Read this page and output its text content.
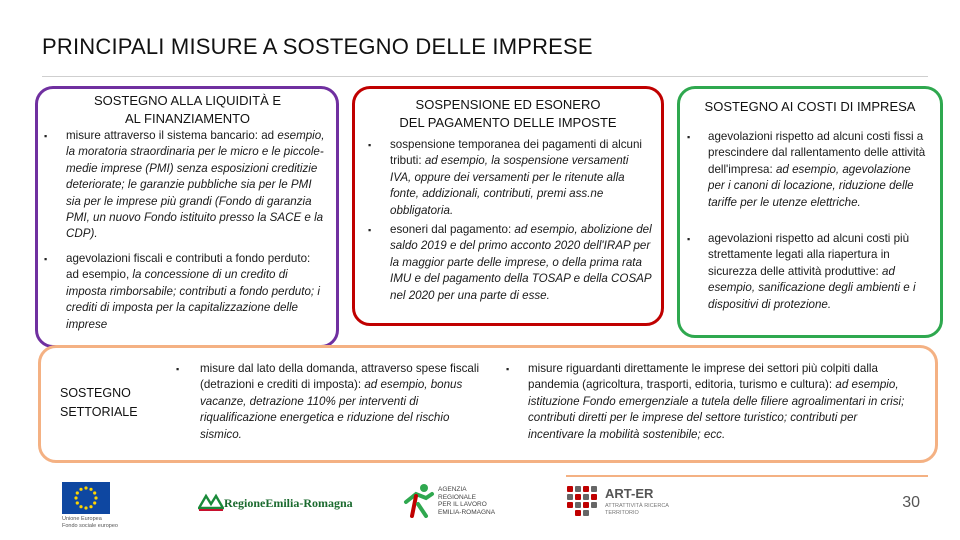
PRINCIPALI MISURE A SOSTEGNO DELLE IMPRESE
SOSTEGNO ALLA LIQUIDITÀ E
AL FINANZIAMENTO
▪ misure attraverso il sistema bancario: ad esempio, la moratoria straordinaria per le micro e le piccole-medie imprese (PMI) senza esposizioni creditizie deteriorate; le garanzie pubbliche sia per le PMI sia per le imprese più grandi (Fondo di garanzia PMI, un nuovo Fondo istituito presso la SACE e la CDP).
▪ agevolazioni fiscali e contributi a fondo perduto: ad esempio, la concessione di un credito di imposta rimborsabile; contributi a fondo perduto; i crediti di imposta per la capitalizzazione delle imprese
SOSPENSIONE ED ESONERO
DEL PAGAMENTO DELLE IMPOSTE
▪ sospensione temporanea dei pagamenti di alcuni tributi: ad esempio, la sospensione versamenti IVA, oppure dei versamenti per le ritenute alla fonte, addizionali, contributi, premi ass.ne obbligatoria.
▪ esoneri dal pagamento: ad esempio, abolizione del saldo 2019 e del primo acconto 2020 dell'IRAP per la maggior parte delle imprese, o della prima rata IMU e del pagamento della TOSAP e della COSAP nel 2020 per una parte di esse.
SOSTEGNO AI COSTI DI IMPRESA
▪ agevolazioni rispetto ad alcuni costi fissi a prescindere dal rallentamento delle attività dell'impresa: ad esempio, agevolazione per i canoni di locazione, riduzione delle tariffe per le utenze elettriche.
▪ agevolazioni rispetto ad alcuni costi più strettamente legati alla riapertura in sicurezza delle attività produttive: ad esempio, sanificazione degli ambienti e i dispositivi di protezione.
SOSTEGNO
SETTORIALE
▪ misure dal lato della domanda, attraverso spese fiscali (detrazioni e crediti di imposta): ad esempio, bonus vacanze, detrazione 110% per interventi di riqualificazione energetica e riduzione del rischio sismico.
▪ misure riguardanti direttamente le imprese dei settori più colpiti dalla pandemia (agricoltura, trasporti, editoria, turismo e cultura): ad esempio, istituzione Fondo emergenziale a tutela delle filiere agroalimentari in crisi; contributi diretti per le imprese del settore turistico; contributi per incentivare la mobilità sostenibile; ecc.
Unione Europea
Fondo sociale europeo
RegioneEmilia-Romagna
AGENZIA
REGIONALE
PER IL LAVORO
EMILIA-ROMAGNA
ART-ER
ATTRATTIVITÀ RICERCA
TERRITORIO
30
